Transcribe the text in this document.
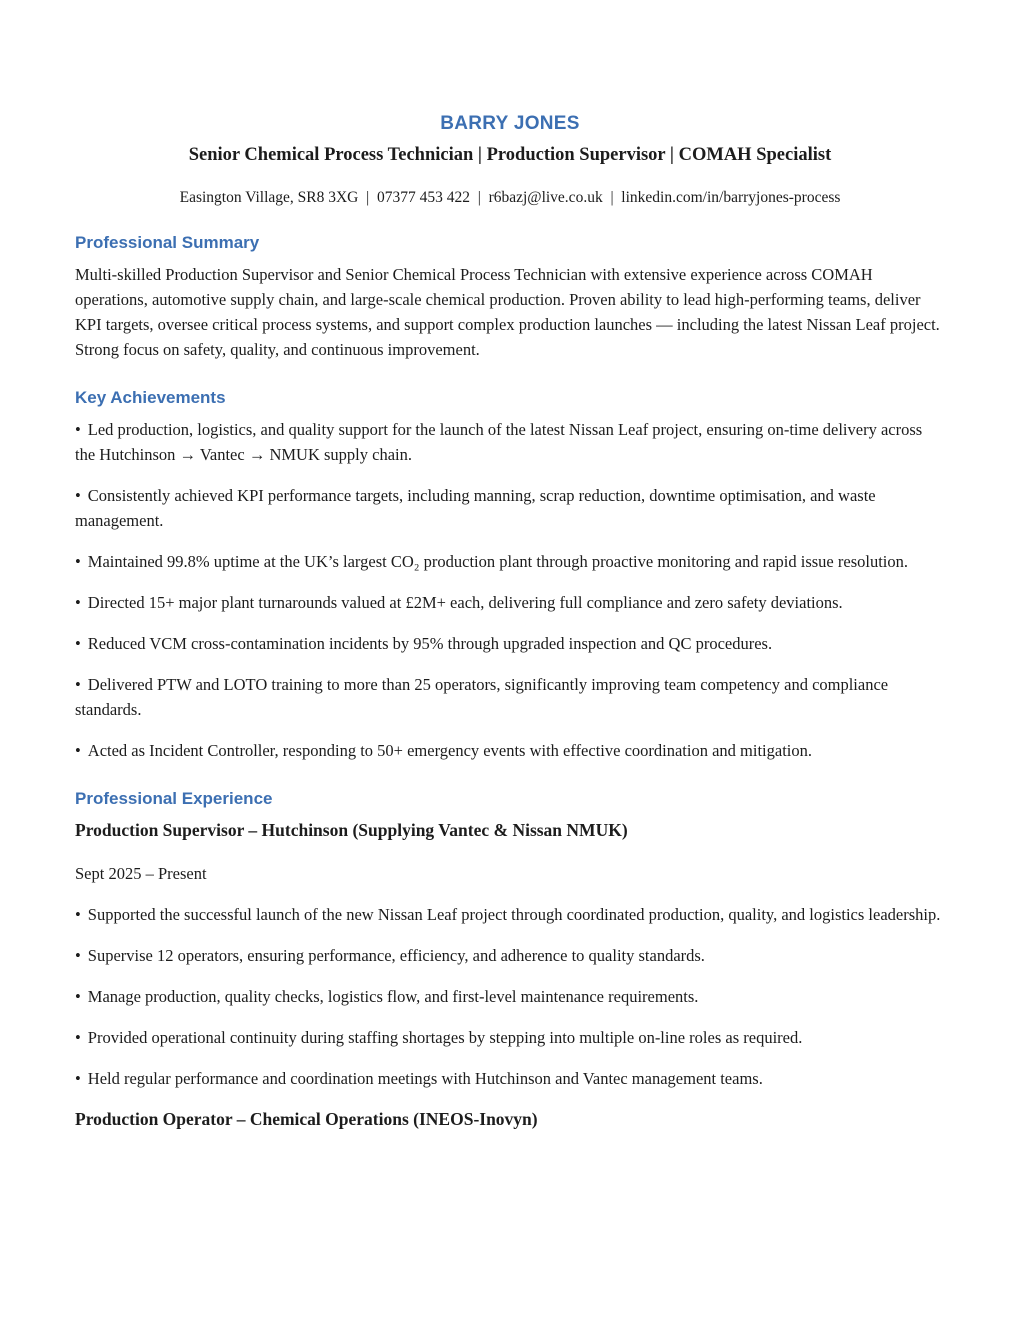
BARRY JONES
Senior Chemical Process Technician | Production Supervisor | COMAH Specialist
Easington Village, SR8 3XG  |  07377 453 422  |  r6bazj@live.co.uk  |  linkedin.com/in/barryjones-process
Professional Summary

Multi-skilled Production Supervisor and Senior Chemical Process Technician with extensive experience across COMAH operations, automotive supply chain, and large-scale chemical production. Proven ability to lead high-performing teams, deliver KPI targets, oversee critical process systems, and support complex production launches — including the latest Nissan Leaf project. Strong focus on safety, quality, and continuous improvement.

Key Achievements

• Led production, logistics, and quality support for the launch of the latest Nissan Leaf project, ensuring on-time delivery across the Hutchinson → Vantec → NMUK supply chain.

• Consistently achieved KPI performance targets, including manning, scrap reduction, downtime optimisation, and waste management.

• Maintained 99.8% uptime at the UK’s largest CO₂ production plant through proactive monitoring and rapid issue resolution.

• Directed 15+ major plant turnarounds valued at £2M+ each, delivering full compliance and zero safety deviations.

• Reduced VCM cross-contamination incidents by 95% through upgraded inspection and QC procedures.

• Delivered PTW and LOTO training to more than 25 operators, significantly improving team competency and compliance standards.

• Acted as Incident Controller, responding to 50+ emergency events with effective coordination and mitigation.

Professional Experience
Production Supervisor – Hutchinson (Supplying Vantec & Nissan NMUK)

Sept 2025 – Present

• Supported the successful launch of the new Nissan Leaf project through coordinated production, quality, and logistics leadership.

• Supervise 12 operators, ensuring performance, efficiency, and adherence to quality standards.

• Manage production, quality checks, logistics flow, and first-level maintenance requirements.

• Provided operational continuity during staffing shortages by stepping into multiple on-line roles as required.

• Held regular performance and coordination meetings with Hutchinson and Vantec management teams.

Production Operator – Chemical Operations (INEOS-Inovyn)
